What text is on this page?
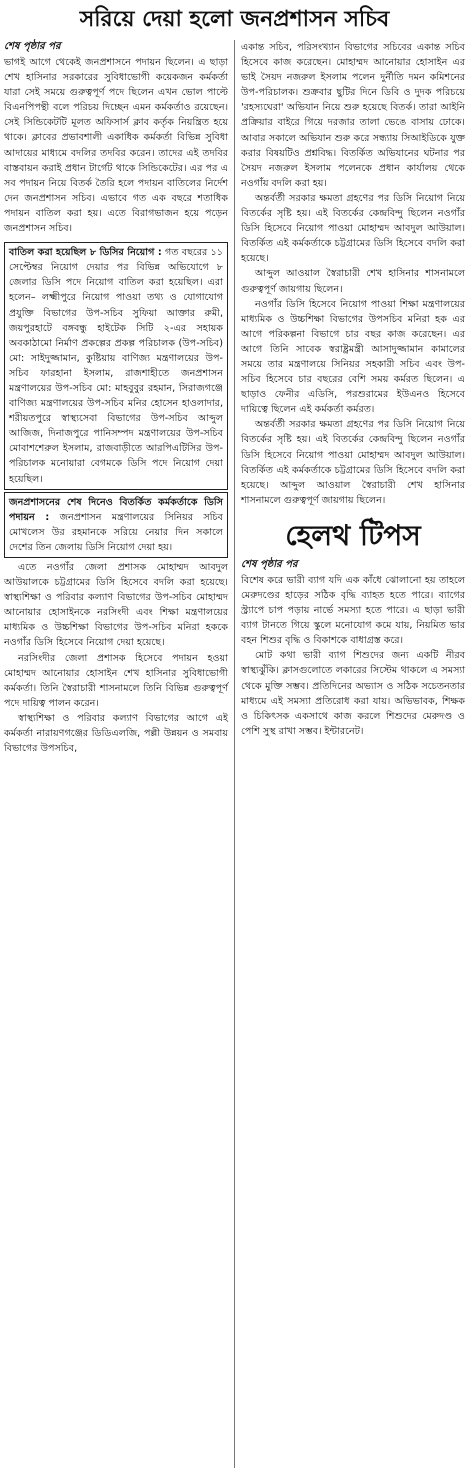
সরিয়ে দেয়া হলো জনপ্রশাসন সচিব
শেষ পৃষ্ঠার পর

ভাগই আগে থেকেই জনপ্রশাসনে পদায়ন ছিলেন। এ ছাড়া শেখ হাসিনার সরকারের সুবিধাভোগী কয়েকজন কর্মকর্তা যারা সেই সময়ে গুরুত্বপূর্ণ পদে ছিলেন এখন ভোল পাল্টে বিএনপিপন্থী বলে পরিচয় দিচ্ছেন এমন কর্মকর্তাও রয়েছেন। সেই সিন্ডিকেটটি মূলত অফিসার্স ক্লাব কর্তৃক নিয়ন্ত্রিত হয়ে থাকে। ক্লাবের প্রভাবশালী একাধিক কর্মকর্তা বিভিন্ন সুবিধা আদায়ের মাধ্যমে বদলির তদবির করেন। তাদের এই তদবির বাস্তবায়ন করাই প্রধান টার্গেট থাকে সিন্ডিকেটের। এর পর এ সব পদায়ন নিয়ে বিতর্ক তৈরি হলে পদায়ন বাতিলের নির্দেশ দেন জনপ্রশাসন সচিব। এভাবে গত এক বছরে শতাধিক পদায়ন বাতিল করা হয়। এতে বিরাগভাজন হয়ে পড়েন জনপ্রশাসন সচিব।

বাতিল করা হয়েছিল ৮ ডিসির নিয়োগ : গত বছরের ১১ সেপ্টেম্বর নিয়োগ দেয়ার পর বিভিন্ন অভিযোগে ৮ জেলার ডিসি পদে নিয়োগ বাতিল করা হয়েছিল। এরা হলেন– লক্ষ্মীপুরে নিয়োগ পাওয়া তথ্য ও যোগাযোগ প্রযুক্তি বিভাগের উপ-সচিব সুফিয়া আক্তার রুমী, জয়পুরহাটে বঙ্গবন্ধু হাইটেক সিটি ২-এর সহায়ক অবকাঠামো নির্মাণ প্রকল্পের প্রকল্প পরিচালক (উপ-সচিব) মো: সাইদুজ্জামান, কুষ্টিয়ায় বাণিজ্য মন্ত্রণালয়ের উপ-সচিব ফারহানা ইসলাম, রাজশাহীতে জনপ্রশাসন মন্ত্রণালয়ের উপ-সচিব মো: মাহবুবুর রহমান, সিরাজগঞ্জে বাণিজ্য মন্ত্রণালয়ের উপ-সচিব মনির হোসেন হাওলাদার, শরীয়তপুরে স্বাস্থ্যসেবা বিভাগের উপ-সচিব আব্দুল আজিজ, দিনাজপুরে পানিসম্পদ মন্ত্রণালয়ের উপ-সচিব মোবাশশেরুল ইসলাম, রাজবাড়ীতে আরপিএটিসির উপ-পরিচালক মনোয়ারা বেগমকে ডিসি পদে নিয়োগ দেয়া হয়েছিল।

জনপ্রশাসনের শেষ দিনেও বিতর্কিত কর্মকর্তাকে ডিসি পদায়ন : জনপ্রশাসন মন্ত্রণালয়ের সিনিয়র সচিব মোখলেস উর রহমানকে সরিয়ে নেয়ার দিন সকালে দেশের তিন জেলায় ডিসি নিয়োগ দেয়া হয়।

এতে নওগাঁর জেলা প্রশাসক মোহাম্মদ আবদুল আউয়ালকে চট্টগ্রামের ডিসি হিসেবে বদলি করা হয়েছে। স্বাস্থ্যশিক্ষা ও পরিবার কল্যাণ বিভাগের উপ-সচিব মোহাম্মদ আনোয়ার হোসাইনকে নরসিংদী এবং শিক্ষা মন্ত্রণালয়ের মাধ্যমিক ও উচ্চশিক্ষা বিভাগের উপ-সচিব মনিরা হককে নওগাঁর ডিসি হিসেবে নিয়োগ দেয়া হয়েছে।

নরসিংদীর জেলা প্রশাসক হিসেবে পদায়ন হওয়া মোহাম্মদ আনোয়ার হোসাইন শেখ হাসিনার সুবিধাভোগী কর্মকর্তা। তিনি স্বৈরাচারী শাসনামলে তিনি বিভিন্ন গুরুত্বপূর্ণ পদে দায়িত্ব পালন করেন।

স্বাস্থ্যশিক্ষা ও পরিবার কল্যাণ বিভাগের আগে এই কর্মকর্তা নারায়ণগঞ্জের ডিডিএলজি, পল্লী উন্নয়ন ও সমবায় বিভাগের উপসচিব,

একান্ত সচিব, পরিসংখ্যান বিভাগের সচিবের একান্ত সচিব হিসেবে কাজ করেছেন। মোহাম্মদ আনোয়ার হোসাইন এর ভাই সৈয়দ নজরুল ইসলাম পলেন দুর্নীতি দমন কমিশনের উপ-পরিচালক। শুক্রবার ছুটির দিনে ডিবি ও দুদক পরিচয়ে 'রহস্যঘেরা' অভিযান নিয়ে শুরু হয়েছে বিতর্ক। তারা আইনি প্রক্রিয়ার বাইরে গিয়ে দরজার তালা ভেঙে বাসায় ঢোকে। আবার সকালে অভিযান শুরু করে সন্ধ্যায় সিআইডিকে যুক্ত করার বিষয়টিও প্রশ্নবিদ্ধ। বিতর্কিত অভিযানের ঘটনার পর সৈয়দ নজরুল ইসলাম পলেনকে প্রধান কার্যালয় থেকে নওগাঁয় বদলি করা হয়।

অন্তর্বর্তী সরকার ক্ষমতা গ্রহণের পর ডিসি নিয়োগ নিয়ে বিতর্কের সৃষ্টি হয়। এই বিতর্কের কেন্দ্রবিন্দু ছিলেন নওগাঁর ডিসি হিসেবে নিয়োগ পাওয়া মোহাম্মদ আবদুল আউয়াল। বিতর্কিত এই কর্মকর্তাকে চট্টগ্রামের ডিসি হিসেবে বদলি করা হয়েছে।

আব্দুল আওয়াল স্বৈরাচারী শেখ হাসিনার শাসনামলে গুরুত্বপূর্ণ জায়গায় ছিলেন।

নওগাঁর ডিসি হিসেবে নিয়োগ পাওয়া শিক্ষা মন্ত্রণালয়ের মাধ্যমিক ও উচ্চশিক্ষা বিভাগের উপসচিব মনিরা হক এর আগে পরিকল্পনা বিভাগে চার বছর কাজ করেছেন। এর আগে তিনি সাবেক স্বরাষ্ট্রমন্ত্রী আসাদুজ্জামান কামালের সময়ে তার মন্ত্রণালয়ে সিনিয়র সহকারী সচিব এবং উপ-সচিব হিসেবে চার বছরের বেশি সময় কর্মরত ছিলেন। এ ছাড়াও ফেনীর এডিসি, পরশুরামের ইউএনও হিসেবে দায়িত্বে ছিলেন এই কর্মকর্তা কর্মরত।

অন্তর্বর্তী সরকার ক্ষমতা গ্রহণের পর ডিসি নিয়োগ নিয়ে বিতর্কের সৃষ্টি হয়। এই বিতর্কের কেন্দ্রবিন্দু ছিলেন নওগাঁর ডিসি হিসেবে নিয়োগ পাওয়া মোহাম্মদ আবদুল আউয়াল। বিতর্কিত এই কর্মকর্তাকে চট্টগ্রামের ডিসি হিসেবে বদলি করা হয়েছে। আব্দুল আওয়াল স্বৈরাচারী শেখ হাসিনার শাসনামলে গুরুত্বপূর্ণ জায়গায় ছিলেন।

হেলথ টিপস
শেষ পৃষ্ঠার পর

বিশেষ করে ভারী ব্যাগ যদি এক কাঁধে ঝোলানো হয় তাহলে মেরুদণ্ডের হাড়ের সঠিক বৃদ্ধি ব্যাহত হতে পারে। ব্যাগের স্ট্র্যাপে চাপ পড়ায় নার্ভে সমস্যা হতে পারে। এ ছাড়া ভারী ব্যাগ টানতে গিয়ে স্কুলে মনোযোগ কমে যায়, নিয়মিত ভার বহন শিশুর বৃদ্ধি ও বিকাশকে বাধাগ্রস্ত করে।

মোট কথা ভারী ব্যাগ শিশুদের জন্য একটি নীরব স্বাস্থ্যঝুঁকি। ক্লাসগুলোতে লকারের সিস্টেম থাকলে এ সমস্যা থেকে মুক্তি সম্ভব। প্রতিদিনের অভ্যাস ও সঠিক সচেতনতার মাধ্যমে এই সমস্যা প্রতিরোধ করা যায়। অভিভাবক, শিক্ষক ও চিকিৎসক একসাথে কাজ করলে শিশুদের মেরুদণ্ড ও পেশি সুস্থ রাখা সম্ভব। ইন্টারনেট।
